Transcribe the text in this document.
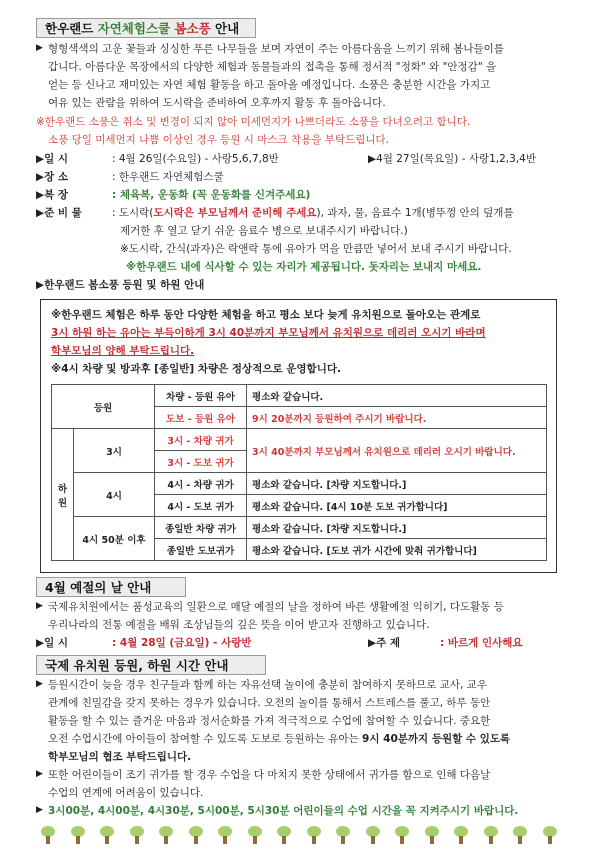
한우랜드 자연체험스쿨 봄소풍 안내
▶ 형형색색의 고운 꽃들과 싱싱한 푸른 나무들을 보며 자연이 주는 아름다움을 느끼기 위해 봄나들이를
갑니다. 아름다운 목장에서의 다양한 체험과 동물들과의 접촉을 통해 정서적 "정화" 와 "안정감" 을
얻는 등 신나고 재미있는 자연 체험 활동을 하고 돌아올 예정입니다. 소풍은 충분한 시간을 가지고
여유 있는 관람을 위하여 도시락을 준비하여 오후까지 활동 후 돌아옵니다.
※한우랜드 소풍은 취소 및 변경이 되지 않아 미세먼지가 나쁘더라도 소풍을 다녀오려고 합니다.
소풍 당일 미세먼지 나쁨 이상인 경우 등원 시 마스크 착용을 부탁드립니다.
▶일 시	: 4월 26일(수요일) - 사랑5,6,7,8반	▶4월 27일(목요일) - 사랑1,2,3,4반
▶장 소	: 한우랜드 자연체험스쿨
▶복 장	: 체육복, 운동화 (꼭 운동화를 신겨주세요)
▶준 비 물	: 도시락(도시락은 부모님께서 준비해 주세요), 과자, 물, 음료수 1개(병뚜껑 안의 덮개를
제거한 후 열고 닫기 쉬운 음료수 병으로 보내주시기 바랍니다.)
※도시락, 간식(과자)은 락앤락 통에 유아가 먹을 만큼만 넣어서 보내 주시기 바랍니다.
※한우랜드 내에 식사할 수 있는 자리가 제공됩니다. 돗자리는 보내지 마세요.
▶한우랜드 봄소풍 등원 및 하원 안내
※한우랜드 체험은 하루 동안 다양한 체험을 하고 평소 보다 늦게 유치원으로 돌아오는 관계로
3시 하원 하는 유아는 부득이하게 3시 40분까지 부모님께서 유치원으로 데리러 오시기 바라며
학부모님의 양해 부탁드립니다.
※4시 차량 및 방과후 [종일반] 차량은 정상적으로 운영합니다.
등원		차량 - 등원 유아	평소와 같습니다.
		도보 - 등원 유아	9시 20분까지 등원하여 주시기 바랍니다.
하원	3시	3시 - 차량 귀가	3시 40분까지 부모님께서 유치원으로 데리러 오시기 바랍니다.
		3시 - 도보 귀가	
	4시	4시 - 차량 귀가	평소와 같습니다. [차량 지도합니다.]
		4시 - 도보 귀가	평소와 같습니다. [4시 10분 도보 귀가합니다]
	4시 50분 이후	종일반 차량 귀가	평소와 같습니다. [차량 지도합니다.]
		종일반 도보귀가	평소와 같습니다. [도보 귀가 시간에 맞춰 귀가합니다]
4월 예절의 날 안내
▶ 국제유치원에서는 품성교육의 일환으로 매달 예절의 날을 정하여 바른 생활예절 익히기, 다도활동 등
우리나라의 전통 예절을 배워 조상님들의 깊은 뜻을 이어 받고자 진행하고 있습니다.
▶일 시	: 4월 28일 (금요일) - 사랑반	▶주 제	: 바르게 인사해요
국제 유치원 등원, 하원 시간 안내
▶ 등원시간이 늦을 경우 친구들과 함께 하는 자유선택 놀이에 충분히 참여하지 못하므로 교사, 교우
관계에 친밀감을 갖지 못하는 경우가 있습니다. 오전의 놀이를 통해서 스트레스를 풀고, 하루 동안
활동을 할 수 있는 즐거운 마음과 정서순화를 가져 적극적으로 수업에 참여할 수 있습니다. 중요한
오전 수업시간에 아이들이 참여할 수 있도록 도보로 등원하는 유아는 9시 40분까지 등원할 수 있도록
학부모님의 협조 부탁드립니다.
▶ 또한 어린이들이 조기 귀가를 할 경우 수업을 다 마치지 못한 상태에서 귀가를 함으로 인해 다음날
수업의 연계에 어려움이 있습니다.
▶ 3시00분, 4시00분, 4시30분, 5시00분, 5시30분 어린이들의 수업 시간을 꼭 지켜주시기 바랍니다.
